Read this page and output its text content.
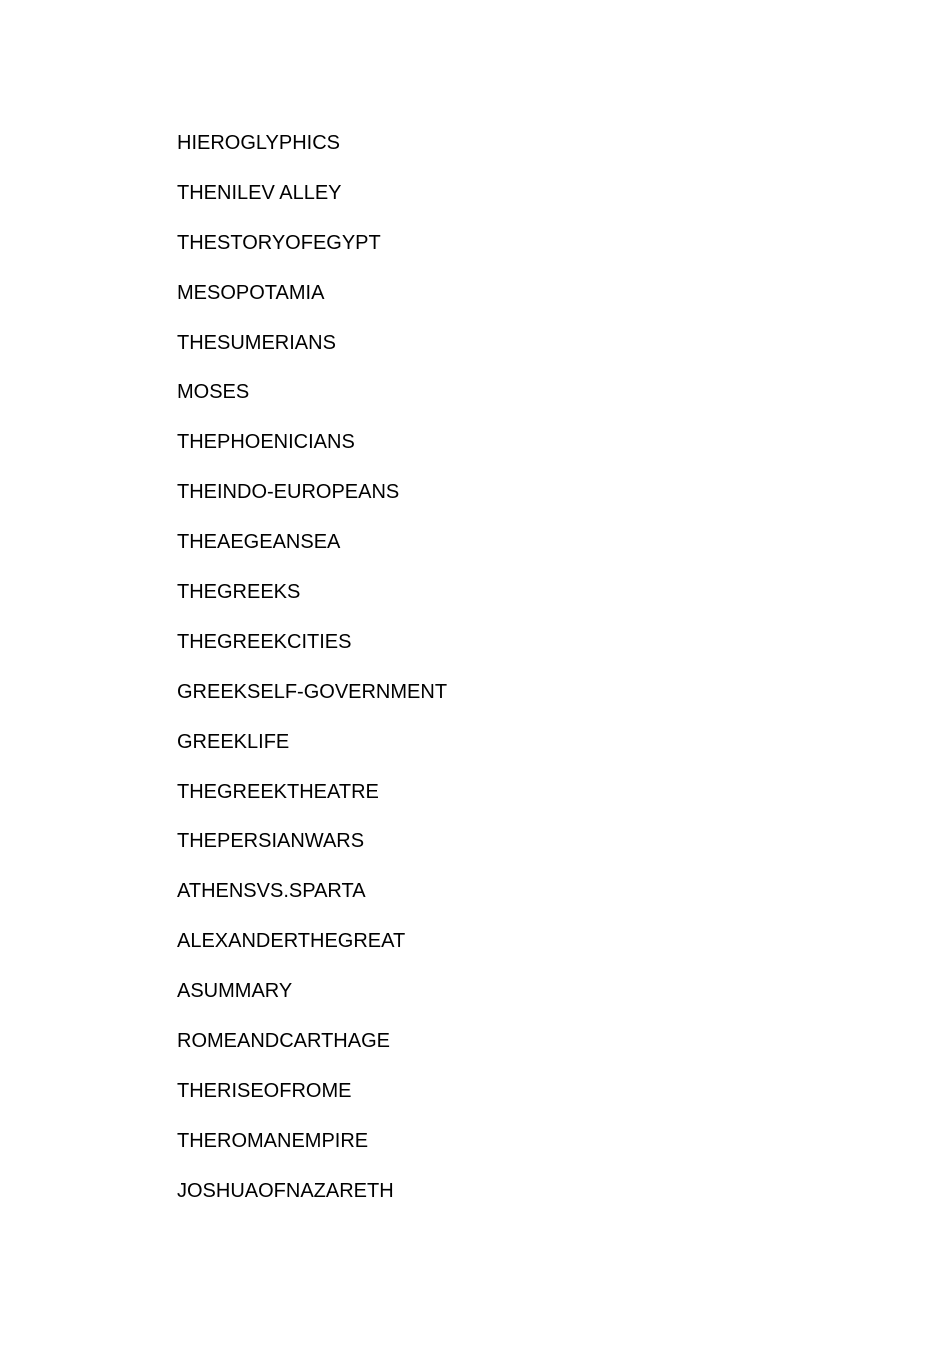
HIEROGLYPHICS
THENILEV ALLEY
THESTORYOFEGYPT
MESOPOTAMIA
THESUMERIANS
MOSES
THEPHOENICIANS
THEINDO-EUROPEANS
THEAEGEANSEA
THEGREEKS
THEGREEKCITIES
GREEKSELF-GOVERNMENT
GREEKLIFE
THEGREEKTHEATRE
THEPERSIANWARS
ATHENSVS.SPARTA
ALEXANDERTHEGREAT
ASUMMARY
ROMEANDCARTHAGE
THERISEOFROME
THEROMANEMPIRE
JOSHUAOFNAZARETH
